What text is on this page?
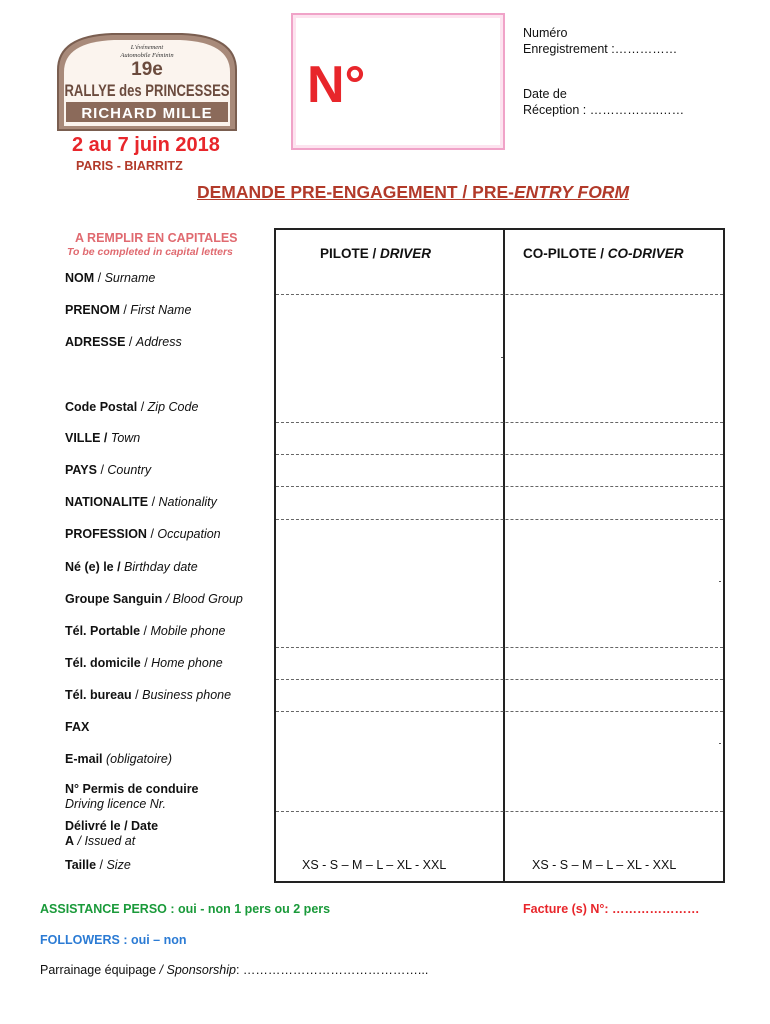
L'événement
Automobile Féminin
19e
RALLYE des PRINCESSES
RICHARD MILLE
2 au 7 juin 2018
PARIS - BIARRITZ
N°
Numéro
Enregistrement :……………
Date de
Réception : ……………..……
DEMANDE PRE-ENGAGEMENT / PRE-ENTRY FORM
A REMPLIR EN CAPITALES
To be completed in capital letters	PILOTE / DRIVER	CO-PILOTE / CO-DRIVER
NOM / Surname
PRENOM / First Name
ADRESSE / Address
Code Postal / Zip Code
VILLE / Town
PAYS / Country
NATIONALITE / Nationality
PROFESSION / Occupation
Né (e) le / Birthday date
Groupe Sanguin / Blood Group
Tél. Portable / Mobile phone
Tél. domicile / Home phone
Tél. bureau / Business phone
FAX
E-mail (obligatoire)
N° Permis de conduire
Driving licence Nr.
Délivré le / Date
A / Issued at
Taille / Size	XS - S – M – L – XL - XXL	XS - S – M – L – XL - XXL
ASSISTANCE PERSO : oui - non 1 pers ou 2 pers	Facture (s) N°: …………………
FOLLOWERS : oui – non
Parrainage équipage / Sponsorship: ……………………………………...
